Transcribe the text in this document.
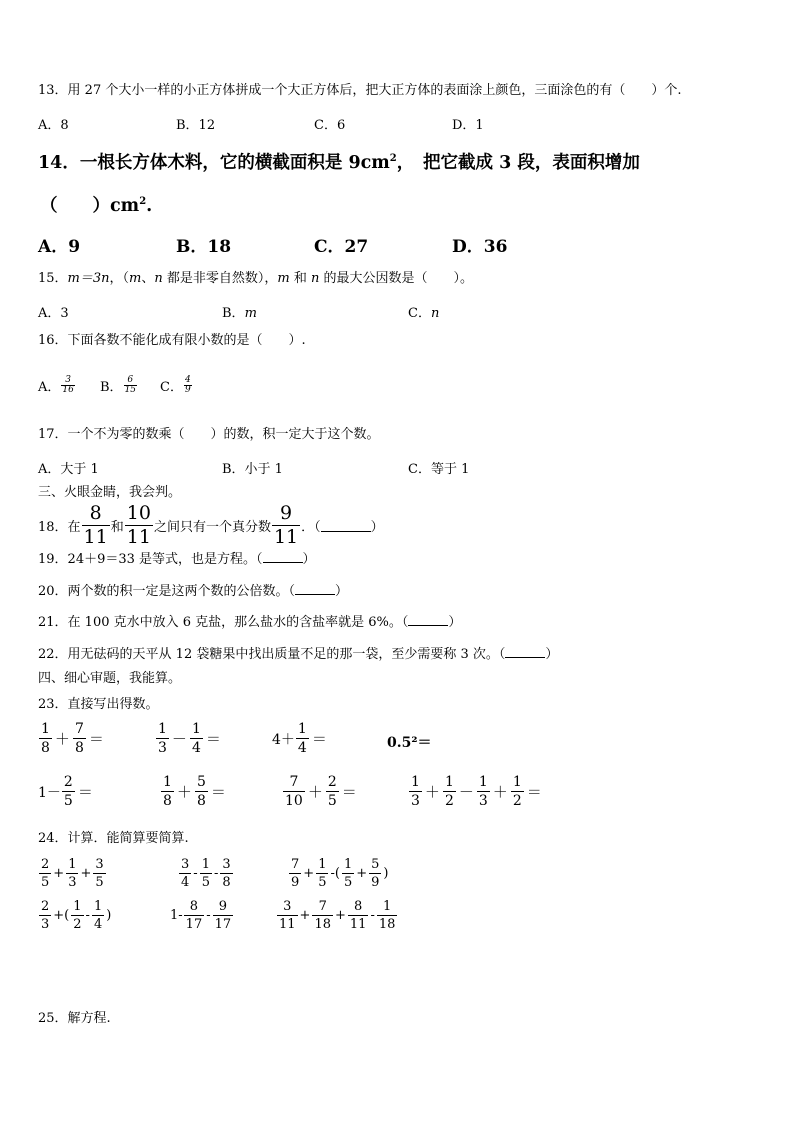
13．用 27 个大小一样的小正方体拼成一个大正方体后，把大正方体的表面涂上颜色，三面涂色的有（　　）个.
A．8	B．12	C．6	D．1
14．一根长方体木料，它的横截面积是 $9cm^2$，　把它截成 3 段，表面积增加
（　　）$cm^2$.
A．9	B．18	C．27	D．36
15．m＝3n，（m、n 都是非零自然数），m 和 n 的最大公因数是（　　）。
A．3	B．m	C．n
16．下面各数不能化成有限小数的是（　　）.
A． $\frac{3}{16}$ B． $\frac{6}{15}$ C． $\frac{4}{9}$
17．一个不为零的数乘（　　）的数，积一定大于这个数。
A．大于 1	B．小于 1	C．等于 1
三、火眼金睛，我会判。
18．在 $\frac{8}{11}$ 和 $\frac{10}{11}$ 之间只有一个真分数 $\frac{9}{11}$ ．（	）
19．24＋9＝33 是等式，也是方程。（	）
20．两个数的积一定是这两个数的公倍数。（	）
21．在 100 克水中放入 6 克盐，那么盐水的含盐率就是 6%。（	）
22．用无砝码的天平从 12 袋糖果中找出质量不足的那一袋，至少需要称 3 次。（	）
四、细心审题，我能算。
23．直接写出得数。
$\frac{1}{8} + \frac{7}{8}$ ＝	$\frac{1}{3} - \frac{1}{4}$ ＝	$4+ \frac{1}{4}$ ＝	0.5²＝
$1- \frac{2}{5}$ ＝	$\frac{1}{8} + \frac{5}{8}$ ＝	$\frac{7}{10} + \frac{2}{5}$ ＝	$\frac{1}{3} + \frac{1}{2} - \frac{1}{3} + \frac{1}{2}$ ＝
24．计算．能简算要简算.
$\frac{2}{5} + \frac{1}{3} + \frac{3}{5}$	$\frac{3}{4} - \frac{1}{5} - \frac{3}{8}$	$\frac{7}{9} + \frac{1}{5}$ -( $\frac{1}{5} + \frac{5}{9}$ )
$\frac{2}{3}$ +( $\frac{1}{2} - \frac{1}{4}$ )	$1- \frac{8}{17} - \frac{9}{17}$	$\frac{3}{11} + \frac{7}{18} + \frac{8}{11} - \frac{1}{18}$
25．解方程.
